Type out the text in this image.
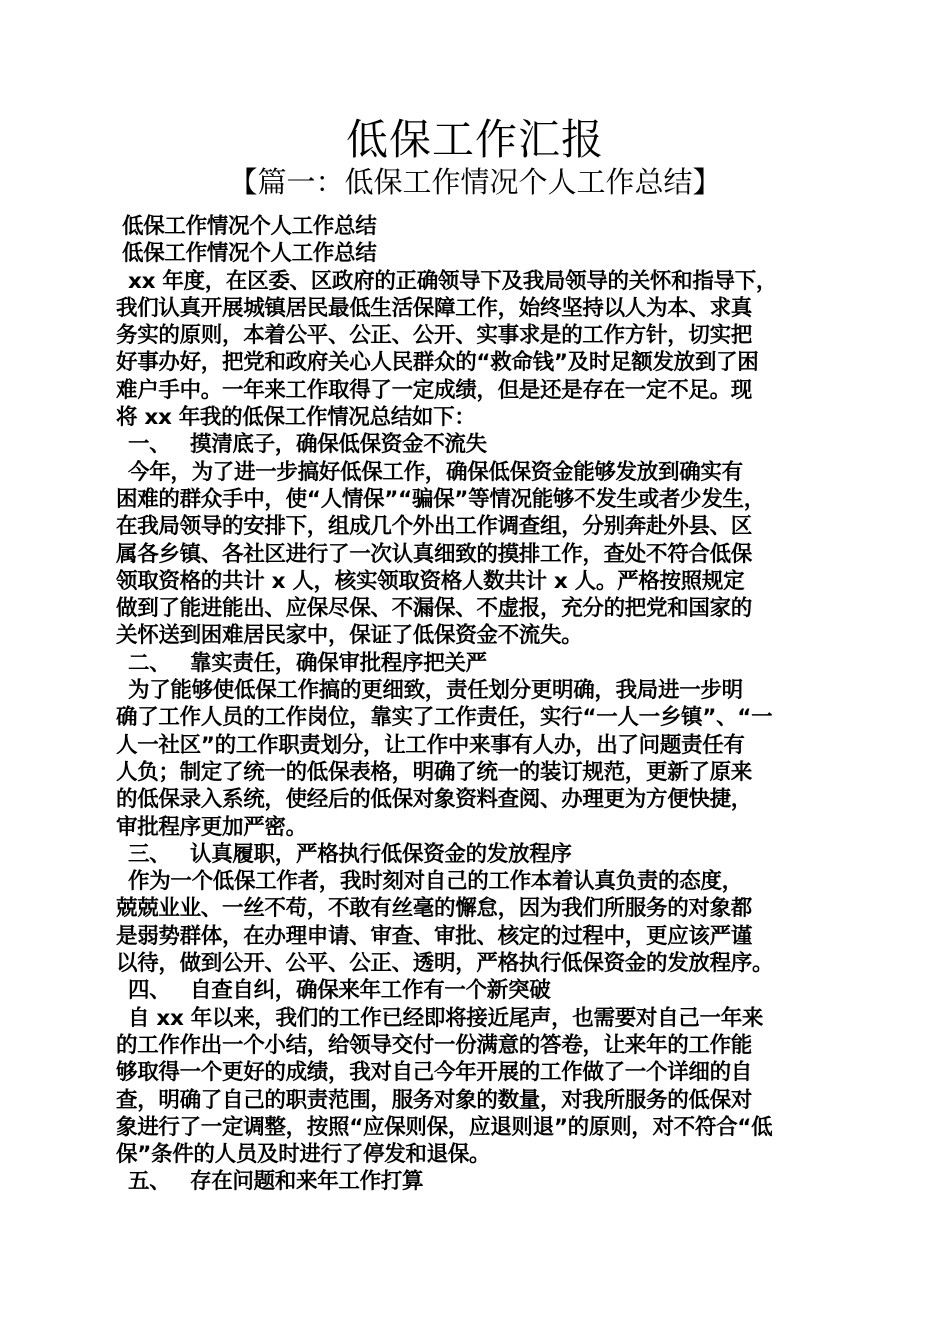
低保工作汇报
【篇一：低保工作情况个人工作总结】
低保工作情况个人工作总结
低保工作情况个人工作总结
xx 年度，在区委、区政府的正确领导下及我局领导的关怀和指导下，
我们认真开展城镇居民最低生活保障工作，始终坚持以人为本、求真
务实的原则，本着公平、公正、公开、实事求是的工作方针，切实把
好事办好，把党和政府关心人民群众的“救命钱”及时足额发放到了困
难户手中。一年来工作取得了一定成绩，但是还是存在一定不足。现
将 xx 年我的低保工作情况总结如下：
一、 摸清底子，确保低保资金不流失
今年，为了进一步搞好低保工作，确保低保资金能够发放到确实有
困难的群众手中，使“人情保”“骗保”等情况能够不发生或者少发生，
在我局领导的安排下，组成几个外出工作调查组，分别奔赴外县、区
属各乡镇、各社区进行了一次认真细致的摸排工作，查处不符合低保
领取资格的共计 x 人，核实领取资格人数共计 x 人。严格按照规定
做到了能进能出、应保尽保、不漏保、不虚报，充分的把党和国家的
关怀送到困难居民家中，保证了低保资金不流失。
二、 靠实责任，确保审批程序把关严
为了能够使低保工作搞的更细致，责任划分更明确，我局进一步明
确了工作人员的工作岗位，靠实了工作责任，实行“一人一乡镇”、“一
人一社区”的工作职责划分，让工作中来事有人办，出了问题责任有
人负；制定了统一的低保表格，明确了统一的装订规范，更新了原来
的低保录入系统，使经后的低保对象资料查阅、办理更为方便快捷，
审批程序更加严密。
三、 认真履职，严格执行低保资金的发放程序
作为一个低保工作者，我时刻对自己的工作本着认真负责的态度，
兢兢业业、一丝不苟，不敢有丝毫的懈怠，因为我们所服务的对象都
是弱势群体，在办理申请、审查、审批、核定的过程中，更应该严谨
以待，做到公开、公平、公正、透明，严格执行低保资金的发放程序。
四、 自查自纠，确保来年工作有一个新突破
自 xx 年以来，我们的工作已经即将接近尾声，也需要对自己一年来
的工作作出一个小结，给领导交付一份满意的答卷，让来年的工作能
够取得一个更好的成绩，我对自己今年开展的工作做了一个详细的自
查，明确了自己的职责范围，服务对象的数量，对我所服务的低保对
象进行了一定调整，按照“应保则保，应退则退”的原则，对不符合“低
保”条件的人员及时进行了停发和退保。
五、 存在问题和来年工作打算
